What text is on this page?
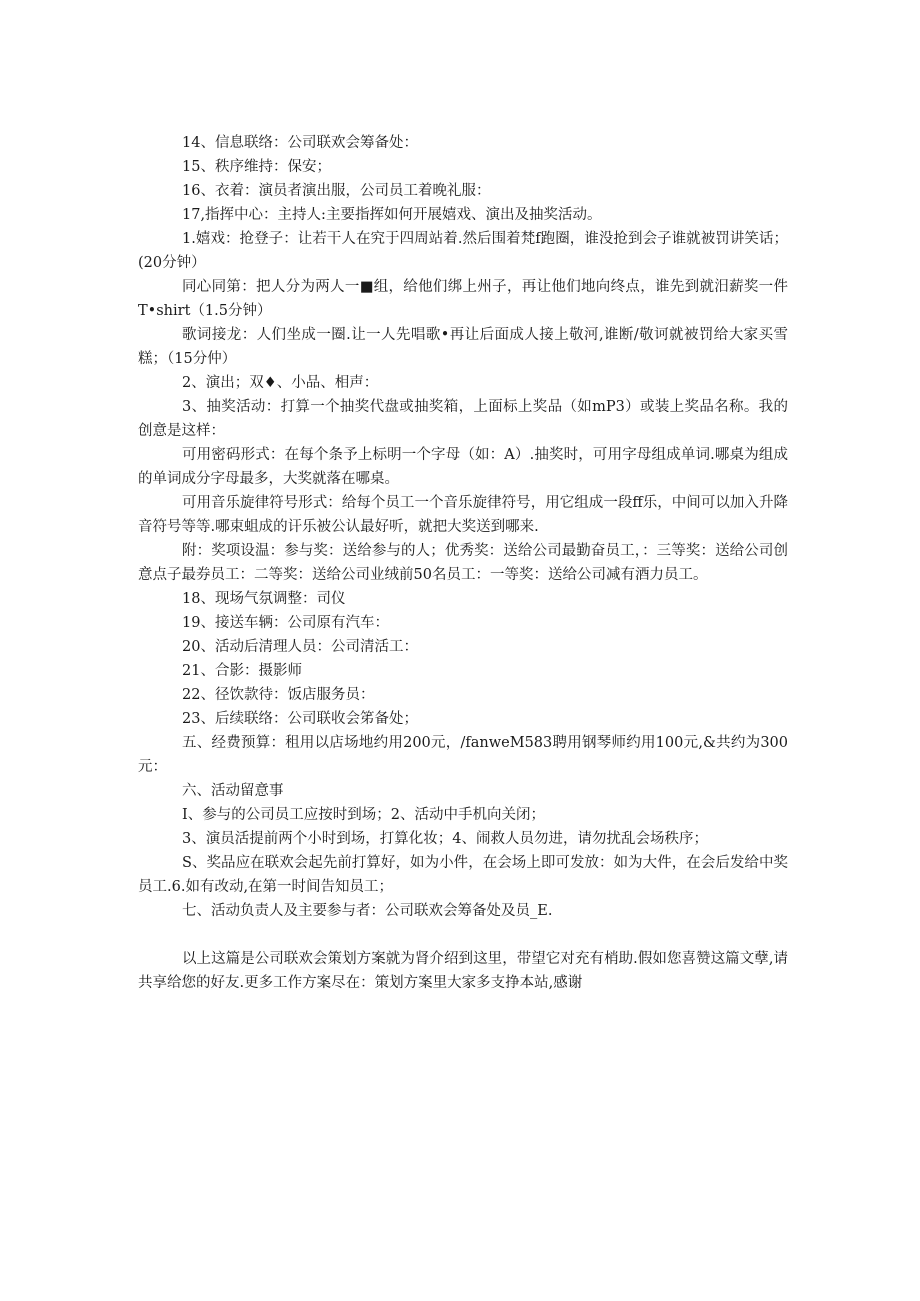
14、信息联络：公司联欢会筹备处：

15、秩序维持：保安；

16、衣着：演员者演出服，公司员工着晚礼服：

17,指挥中心：主持人:主要指挥如何开展嬉戏、演出及抽奖活动。

1.嬉戏：抢登子：让若干人在究于四周站着.然后围着梵f跑圈，谁没抢到会子谁就被罚讲笑话；(20分钟）

同心同第：把人分为两人一■组，给他们绑上州子，再让他们地向终点，谁先到就汨薪奖一件T•shirt（1.5分钟）

歌词接龙：人们坐成一圈.让一人先唱歌•再让后面成人接上敬河,谁断/敬诃就被罚给大家买雪糕；（15分仲）

2、演出；双♦、小品、相声：

3、抽奖活动：打算一个抽奖代盘或抽奖箱，上面标上奖品（如mP3）或装上奖品名称。我的创意是这样：

可用密码形式：在每个条予上标明一个字母（如：A）.抽奖时，可用字母组成单词.哪桌为组成的单词成分字母最多，大奖就落在哪桌。

可用音乐旋律符号形式：给每个员工一个音乐旋律符号，用它组成一段ff乐，中间可以加入升降音符号等等.哪束蛆成的讦乐被公认最好听，就把大奖送到哪来.

附：奖项设温：参与奖：送给参与的人；优秀奖：送给公司最勤奋员工，：三等奖：送给公司创意点子最券员工：二等奖：送给公司业绒前50名员工：一等奖：送给公司减有酒力员工。

18、现场气氛调整：司仪

19、接送车辆：公司原有汽车：

20、活动后清理人员：公司清活工：

21、合影：摄影师

22、径饮款待：饭店服务员：

23、后续联络：公司联收会笫备处；

五、经费预算：租用以店场地约用200元，/fanweM583聘用钢琴师约用100元,&共约为300元：

六、活动留意事

I、参与的公司员工应按时到场；2、活动中手机向关闭；

3、演员活提前两个小时到场，打算化妆；4、闹救人员勿进，请勿扰乱会场秩序；

S、奖品应在联欢会起先前打算好，如为小件，在会场上即可发放：如为大件，在会后发给中奖员工.6.如有改动,在第一时间告知员工；

七、活动负责人及主要参与者：公司联欢会筹备处及员_E.

以上这篇是公司联欢会策划方案就为肾介绍到这里，带望它对充有梢助.假如您喜赞这篇文孽,请共享给您的好友.更多工作方案尽在：策划方案里大家多支挣本站,感谢
